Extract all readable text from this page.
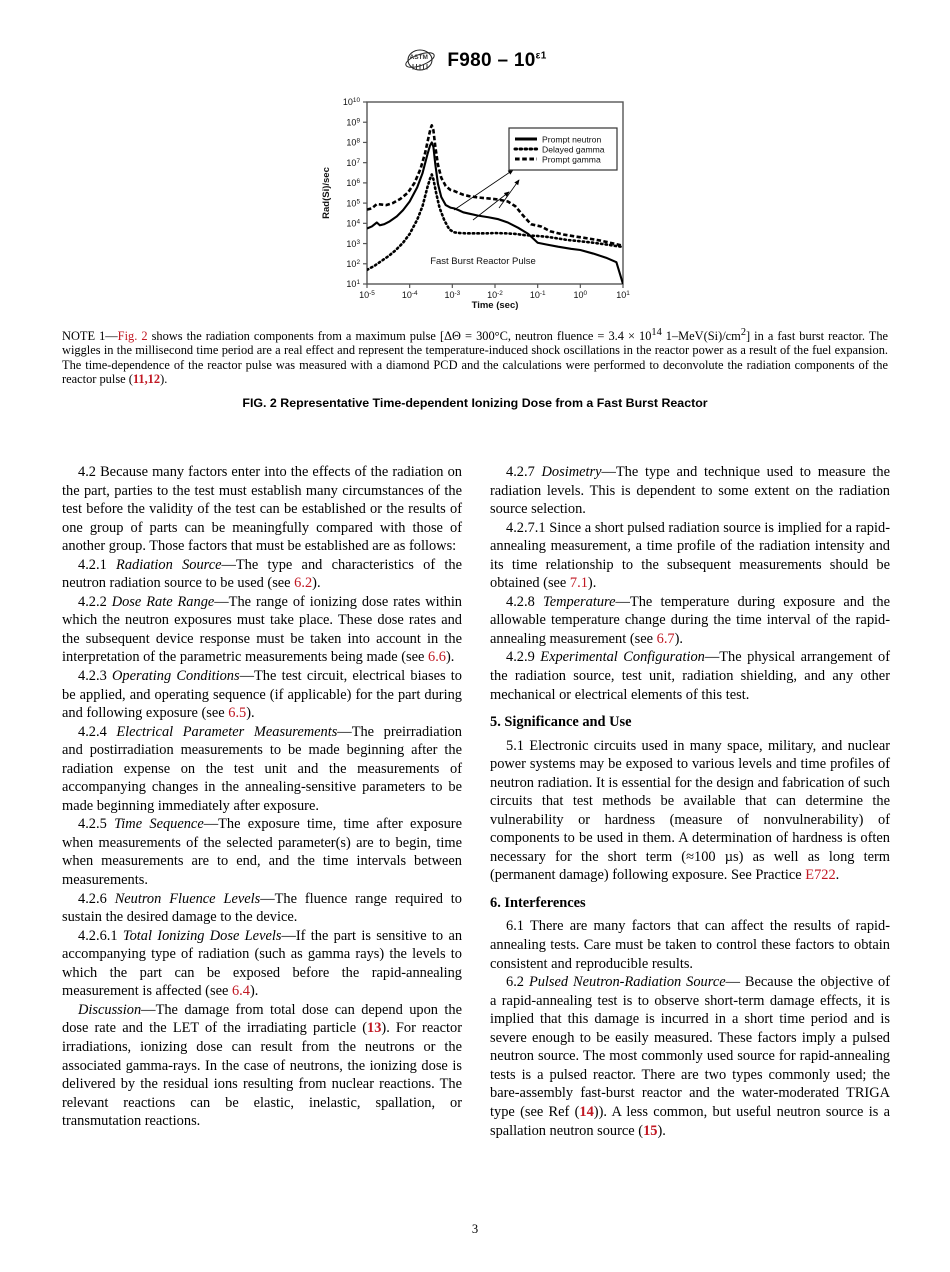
ASTM $F980 - 10^{\varepsilon 1}$
$10^1$
$10^2$
$10^3$
$10^4$
$10^5$
$10^6$
$10^7$
$10^8$
$10^9$
$10^{10}$
$10^{-5}$	$10^{-4}$	$10^{-3}$	$10^{-2}$	$10^{-1}$	$10^0$	$10^1$
Rad(Si)/sec
Time (sec)
Fast Burst Reactor Pulse
Prompt neutron
Delayed gamma
Prompt gamma
NOTE 1—Fig. 2 shows the radiation components from a maximum pulse [ΔΘ = 300°C, neutron fluence = $3.4 \times 10^{14}$ $1-MeV(Si)/cm^2$] in a fast burst reactor. The wiggles in the millisecond time period are a real effect and represent the temperature-induced shock oscillations in the reactor power as a result of the fuel expansion. The time-dependence of the reactor pulse was measured with a diamond PCD and the calculations were performed to deconvolute the radiation components of the reactor pulse (11,12).
FIG. 2 Representative Time-dependent Ionizing Dose from a Fast Burst Reactor

4.2 Because many factors enter into the effects of the radiation on the part, parties to the test must establish many circumstances of the test before the validity of the test can be established or the results of one group of parts can be meaningfully compared with those of another group. Those factors that must be established are as follows:

4.2.1 Radiation Source—The type and characteristics of the neutron radiation source to be used (see 6.2).

4.2.2 Dose Rate Range—The range of ionizing dose rates within which the neutron exposures must take place. These dose rates and the subsequent device response must be taken into account in the interpretation of the parametric measurements being made (see 6.6).

4.2.3 Operating Conditions—The test circuit, electrical biases to be applied, and operating sequence (if applicable) for the part during and following exposure (see 6.5).

4.2.4 Electrical Parameter Measurements—The preirradiation and postirradiation measurements to be made beginning after the radiation expense on the test unit and the measurements of accompanying changes in the annealing-sensitive parameters to be made beginning immediately after exposure.

4.2.5 Time Sequence—The exposure time, time after exposure when measurements of the selected parameter(s) are to begin, time when measurements are to end, and the time intervals between measurements.

4.2.6 Neutron Fluence Levels—The fluence range required to sustain the desired damage to the device.

4.2.6.1 Total Ionizing Dose Levels—If the part is sensitive to an accompanying type of radiation (such as gamma rays) the levels to which the part can be exposed before the rapid-annealing measurement is affected (see 6.4).

Discussion—The damage from total dose can depend upon the dose rate and the LET of the irradiating particle (13). For reactor irradiations, ionizing dose can result from the neutrons or the associated gamma-rays. In the case of neutrons, the ionizing dose is delivered by the residual ions resulting from nuclear reactions. The relevant reactions can be elastic, inelastic, spallation, or transmutation reactions.

4.2.7 Dosimetry—The type and technique used to measure the radiation levels. This is dependent to some extent on the radiation source selection.

4.2.7.1 Since a short pulsed radiation source is implied for a rapid-annealing measurement, a time profile of the radiation intensity and its time relationship to the subsequent measurements should be obtained (see 7.1).

4.2.8 Temperature—The temperature during exposure and the allowable temperature change during the time interval of the rapid-annealing measurement (see 6.7).

4.2.9 Experimental Configuration—The physical arrangement of the radiation source, test unit, radiation shielding, and any other mechanical or electrical elements of this test.

5. Significance and Use

5.1 Electronic circuits used in many space, military, and nuclear power systems may be exposed to various levels and time profiles of neutron radiation. It is essential for the design and fabrication of such circuits that test methods be available that can determine the vulnerability or hardness (measure of nonvulnerability) of components to be used in them. A determination of hardness is often necessary for the short term (≈100 µs) as well as long term (permanent damage) following exposure. See Practice E722.

6. Interferences

6.1 There are many factors that can affect the results of rapid-annealing tests. Care must be taken to control these factors to obtain consistent and reproducible results.

6.2 Pulsed Neutron-Radiation Source— Because the objective of a rapid-annealing test is to observe short-term damage effects, it is implied that this damage is incurred in a short time period and is severe enough to be easily measured. These factors imply a pulsed neutron source. The most commonly used source for rapid-annealing tests is a pulsed reactor. There are two types commonly used; the bare-assembly fast-burst reactor and the water-moderated TRIGA type (see Ref (14)). A less common, but useful neutron source is a spallation neutron source (15).

3
